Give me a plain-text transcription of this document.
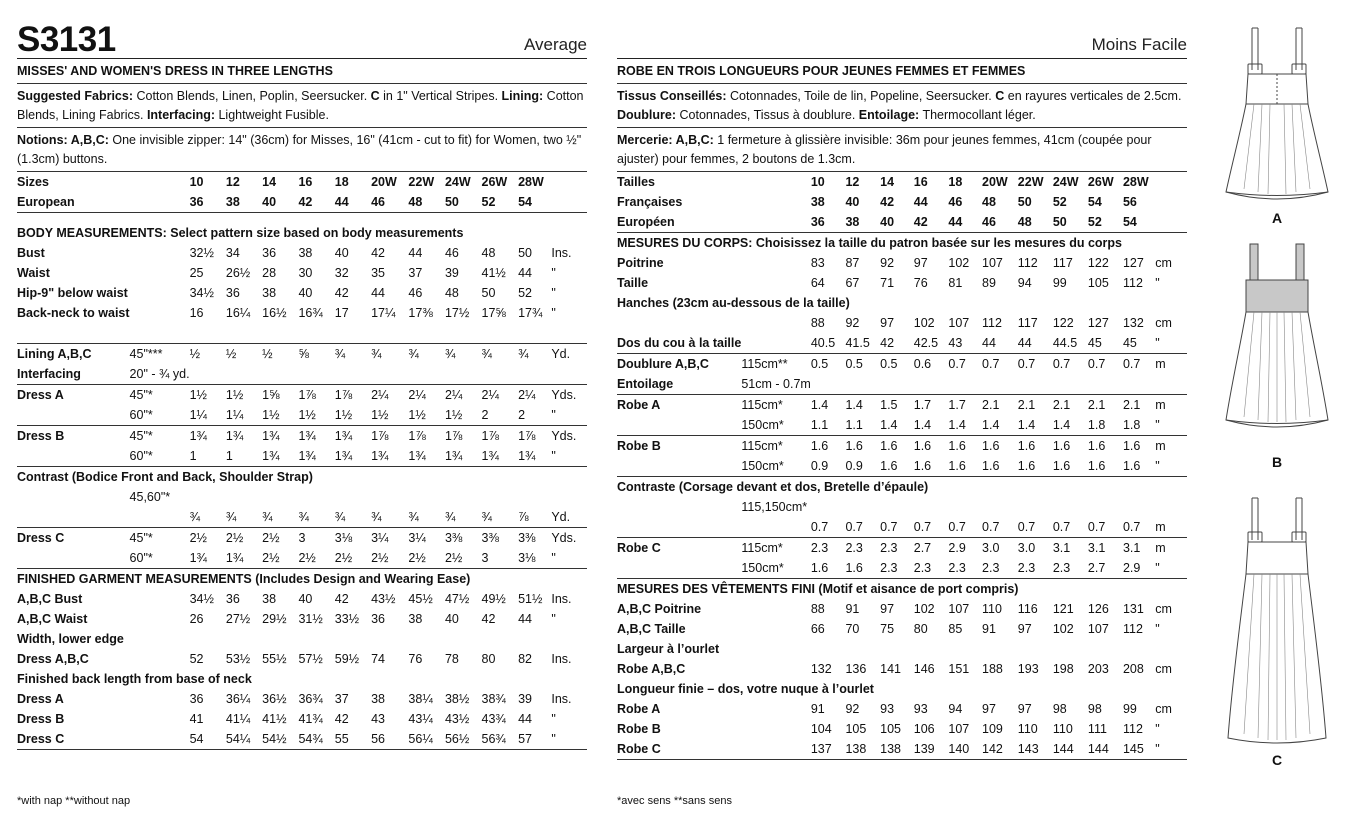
S3131	Average
MISSES' AND WOMEN'S DRESS IN THREE LENGTHS
Suggested Fabrics: Cotton Blends, Linen, Poplin, Seersucker. C in 1" Vertical Stripes. Lining: Cotton Blends, Lining Fabrics. Interfacing: Lightweight Fusible.
Notions: A,B,C: One invisible zipper: 14" (36cm) for Misses, 16" (41cm - cut to fit) for Women, two ½" (1.3cm) buttons.
Sizes		10	12	14	16	18	20W	22W	24W	26W	28W	
European		36	38	40	42	44	46	48	50	52	54	

BODY MEASUREMENTS: Select pattern size based on body measurements												
Bust		32½	34	36	38	40	42	44	46	48	50	Ins.
Waist		25	26½	28	30	32	35	37	39	41½	44	"
Hip-9" below waist		34½	36	38	40	42	44	46	48	50	52	"
Back-neck to waist		16	16¼	16½	16¾	17	17¼	17⅜	17½	17⅝	17¾	"

Lining A,B,C	45"***	½	½	½	⅝	¾	¾	¾	¾	¾	¾	Yd.
Interfacing	20" - ¾ yd.											
Dress A	45"*	1½	1½	1⅝	1⅞	1⅞	2¼	2¼	2¼	2¼	2¼	Yds.
	60"*	1¼	1¼	1½	1½	1½	1½	1½	1½	2	2	"
Dress B	45"*	1¾	1¾	1¾	1¾	1¾	1⅞	1⅞	1⅞	1⅞	1⅞	Yds.
	60"*	1	1	1¾	1¾	1¾	1¾	1¾	1¾	1¾	1¾	"
Contrast (Bodice Front and Back, Shoulder Strap)												
	45,60"*											
		¾	¾	¾	¾	¾	¾	¾	¾	¾	⅞	Yd.
Dress C	45"*	2½	2½	2½	3	3⅛	3¼	3¼	3⅜	3⅜	3⅜	Yds.
	60"*	1¾	1¾	2½	2½	2½	2½	2½	2½	3	3⅛	"
FINISHED GARMENT MEASUREMENTS (Includes Design and Wearing Ease)												
A,B,C Bust		34½	36	38	40	42	43½	45½	47½	49½	51½	Ins.
A,B,C Waist		26	27½	29½	31½	33½	36	38	40	42	44	"
Width, lower edge												
Dress A,B,C		52	53½	55½	57½	59½	74	76	78	80	82	Ins.
Finished back length from base of neck												
Dress A		36	36¼	36½	36¾	37	38	38¼	38½	38¾	39	Ins.
Dress B		41	41¼	41½	41¾	42	43	43¼	43½	43¾	44	"
Dress C		54	54¼	54½	54¾	55	56	56¼	56½	56¾	57	"
*with nap **without nap
Moins Facile
ROBE EN TROIS LONGUEURS POUR JEUNES FEMMES ET FEMMES
Tissus Conseillés: Cotonnades, Toile de lin, Popeline, Seersucker. C en rayures verticales de 2.5cm. Doublure: Cotonnades, Tissus à doublure. Entoilage: Thermocollant léger.
Mercerie: A,B,C: 1 fermeture à glissière invisible: 36m pour jeunes femmes, 41cm (coupée pour ajuster) pour femmes, 2 boutons de 1.3cm.
Tailles		10	12	14	16	18	20W	22W	24W	26W	28W	
Françaises		38	40	42	44	46	48	50	52	54	56	
Européen		36	38	40	42	44	46	48	50	52	54	
MESURES DU CORPS: Choisissez la taille du patron basée sur les mesures du corps												
Poitrine		83	87	92	97	102	107	112	117	122	127	cm
Taille		64	67	71	76	81	89	94	99	105	112	"
Hanches (23cm au-dessous de la taille)												
		88	92	97	102	107	112	117	122	127	132	cm
Dos du cou à la taille		40.5	41.5	42	42.5	43	44	44	44.5	45	45	"
Doublure A,B,C	115cm**	0.5	0.5	0.5	0.6	0.7	0.7	0.7	0.7	0.7	0.7	m
Entoilage	51cm - 0.7m											
Robe A	115cm*	1.4	1.4	1.5	1.7	1.7	2.1	2.1	2.1	2.1	2.1	m
	150cm*	1.1	1.1	1.4	1.4	1.4	1.4	1.4	1.4	1.8	1.8	"
Robe B	115cm*	1.6	1.6	1.6	1.6	1.6	1.6	1.6	1.6	1.6	1.6	m
	150cm*	0.9	0.9	1.6	1.6	1.6	1.6	1.6	1.6	1.6	1.6	"
Contraste (Corsage devant et dos, Bretelle d’épaule)												
	115,150cm*											
		0.7	0.7	0.7	0.7	0.7	0.7	0.7	0.7	0.7	0.7	m
Robe C	115cm*	2.3	2.3	2.3	2.7	2.9	3.0	3.0	3.1	3.1	3.1	m
	150cm*	1.6	1.6	2.3	2.3	2.3	2.3	2.3	2.3	2.7	2.9	"
MESURES DES VÊTEMENTS FINI (Motif et aisance de port compris)												
A,B,C Poitrine		88	91	97	102	107	110	116	121	126	131	cm
A,B,C Taille		66	70	75	80	85	91	97	102	107	112	"
Largeur à l’ourlet												
Robe A,B,C		132	136	141	146	151	188	193	198	203	208	cm
Longueur finie – dos, votre nuque à l’ourlet												
Robe A		91	92	93	93	94	97	97	98	98	99	cm
Robe B		104	105	105	106	107	109	110	110	111	112	"
Robe C		137	138	138	139	140	142	143	144	144	145	"
*avec sens **sans sens
A
B
C
